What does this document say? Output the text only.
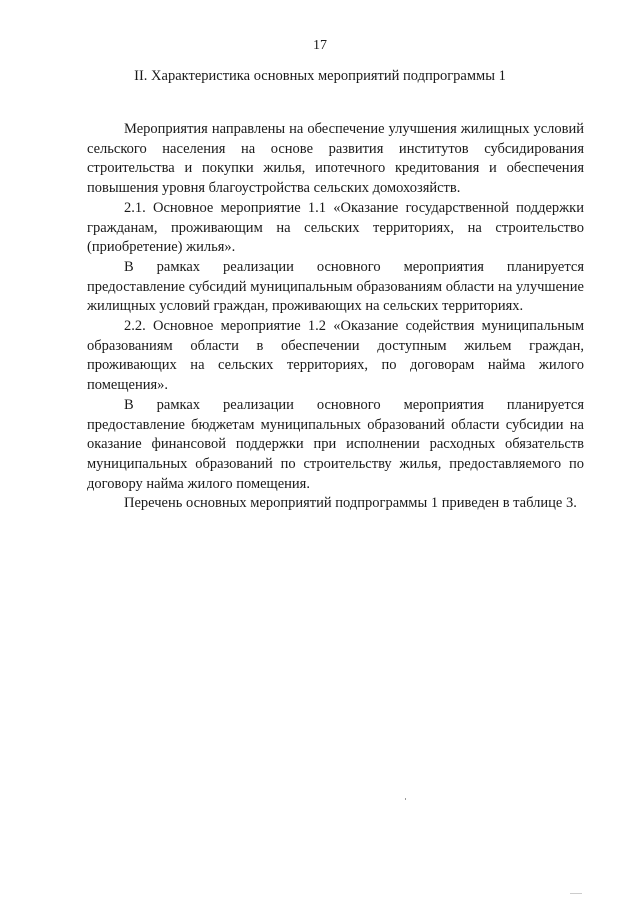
17
II. Характеристика основных мероприятий подпрограммы 1

Мероприятия направлены на обеспечение улучшения жилищных условий сельского населения на основе развития институтов субсидирования строительства и покупки жилья, ипотечного кредитования и обеспечения повышения уровня благоустройства сельских домохозяйств.

2.1. Основное мероприятие 1.1 «Оказание государственной поддержки гражданам, проживающим на сельских территориях, на строительство (приобретение) жилья».

В рамках реализации основного мероприятия планируется предоставление субсидий муниципальным образованиям области на улучшение жилищных условий граждан, проживающих на сельских территориях.

2.2. Основное мероприятие 1.2 «Оказание содействия муниципальным образованиям области в обеспечении доступным жильем граждан, проживающих на сельских территориях, по договорам найма жилого помещения».

В рамках реализации основного мероприятия планируется предоставление бюджетам муниципальных образований области субсидии на оказание финансовой поддержки при исполнении расходных обязательств муниципальных образований по строительству жилья, предоставляемого по договору найма жилого помещения.

Перечень основных мероприятий подпрограммы 1 приведен в таблице 3.
